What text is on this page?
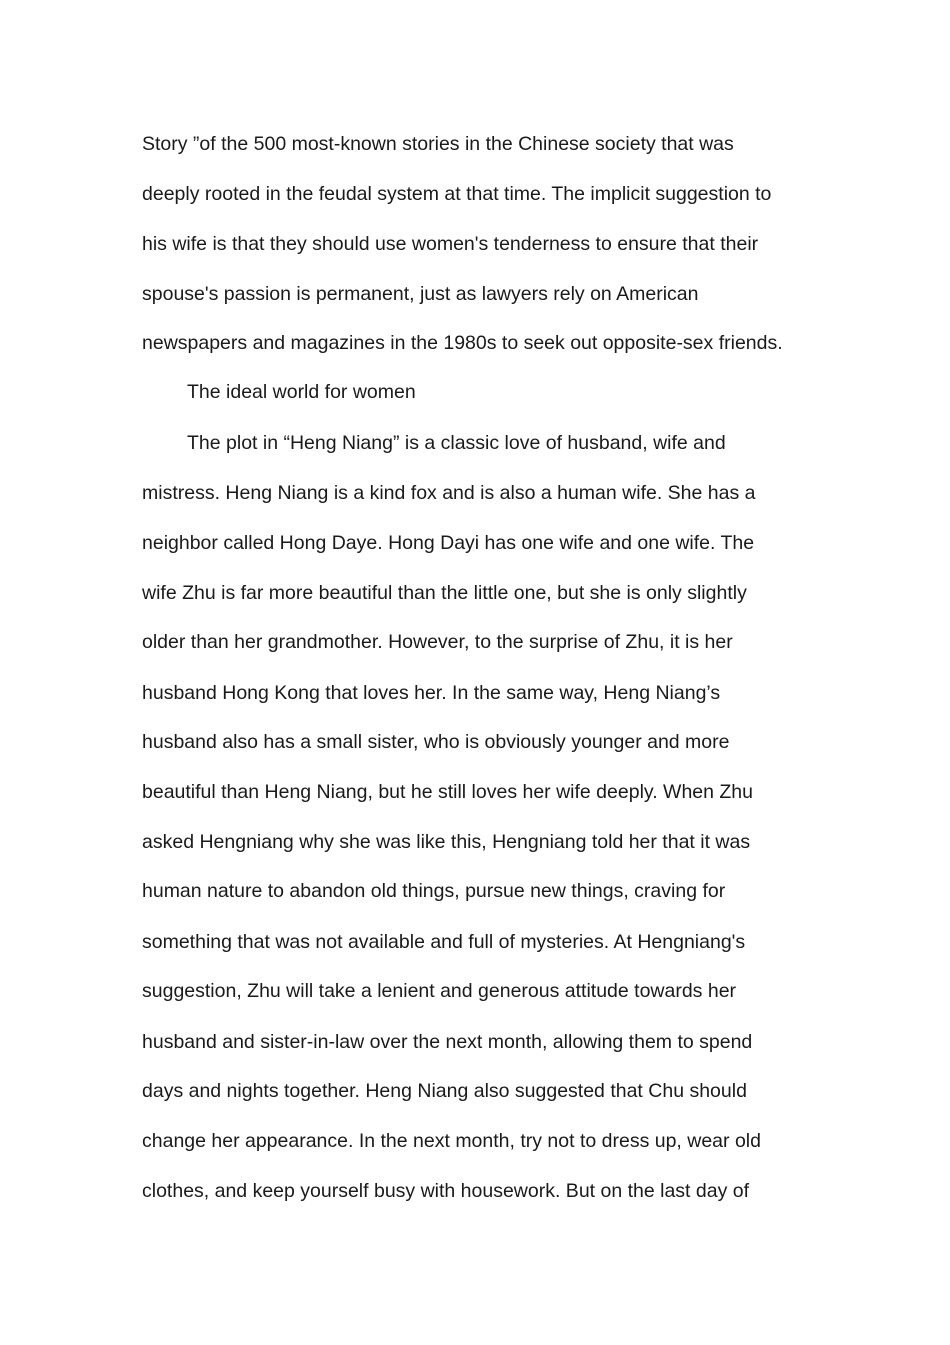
Story ”of the 500 most-known stories in the Chinese society that was

deeply rooted in the feudal system at that time. The implicit suggestion to

his wife is that they should use women's tenderness to ensure that their

spouse's passion is permanent, just as lawyers rely on American

newspapers and magazines in the 1980s to seek out opposite-sex friends.

The ideal world for women

The plot in “Heng Niang” is a classic love of husband, wife and

mistress. Heng Niang is a kind fox and is also a human wife. She has a

neighbor called Hong Daye. Hong Dayi has one wife and one wife. The

wife Zhu is far more beautiful than the little one, but she is only slightly

older than her grandmother. However, to the surprise of Zhu, it is her

husband Hong Kong that loves her. In the same way, Heng Niang’s

husband also has a small sister, who is obviously younger and more

beautiful than Heng Niang, but he still loves her wife deeply. When Zhu

asked Hengniang why she was like this, Hengniang told her that it was

human nature to abandon old things, pursue new things, craving for

something that was not available and full of mysteries. At Hengniang's

suggestion, Zhu will take a lenient and generous attitude towards her

husband and sister-in-law over the next month, allowing them to spend

days and nights together. Heng Niang also suggested that Chu should

change her appearance. In the next month, try not to dress up, wear old

clothes, and keep yourself busy with housework. But on the last day of
